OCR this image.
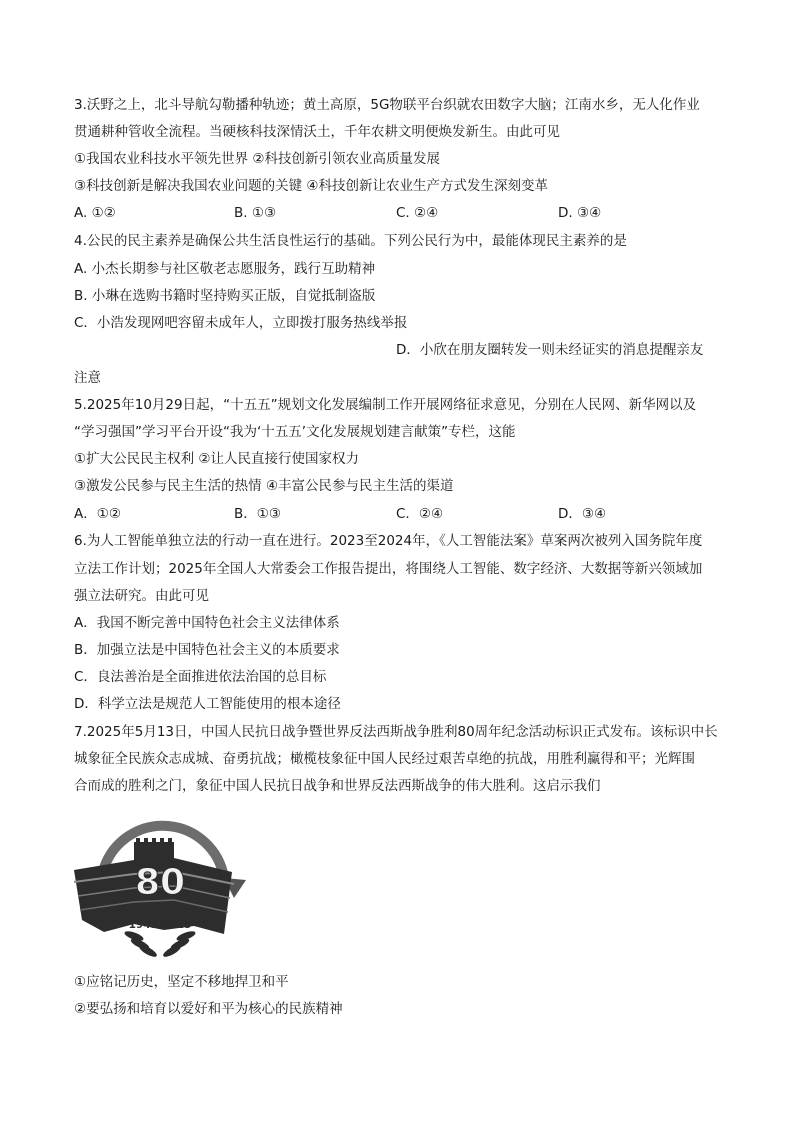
3.沃野之上，北斗导航勾勒播种轨迹；黄土高原，5G物联平台织就农田数字大脑；江南水乡，无人化作业
贯通耕种管收全流程。当硬核科技深情沃土，千年农耕文明便焕发新生。由此可见
①我国农业科技水平领先世界 ②科技创新引领农业高质量发展
③科技创新是解决我国农业问题的关键 ④科技创新让农业生产方式发生深刻变革
A. ①②	B. ①③	C. ②④	D. ③④
4.公民的民主素养是确保公共生活良性运行的基础。下列公民行为中，最能体现民主素养的是
A. 小杰长期参与社区敬老志愿服务，践行互助精神
B. 小琳在选购书籍时坚持购买正版，自觉抵制盗版
C．小浩发现网吧容留未成年人，立即拨打服务热线举报
D．小欣在朋友圈转发一则未经证实的消息提醒亲友
注意
5.2025年10月29日起，“十五五”规划文化发展编制工作开展网络征求意见，分别在人民网、新华网以及
“学习强国”学习平台开设“我为‘十五五’文化发展规划建言献策”专栏，这能
①扩大公民民主权利 ②让人民直接行使国家权力
③激发公民参与民主生活的热情 ④丰富公民参与民主生活的渠道
A．①②	B．①③	C．②④	D．③④
6.为人工智能单独立法的行动一直在进行。2023至2024年，《人工智能法案》草案两次被列入国务院年度
立法工作计划；2025年全国人大常委会工作报告提出，将围绕人工智能、数字经济、大数据等新兴领域加
强立法研究。由此可见
A．我国不断完善中国特色社会主义法律体系
B．加强立法是中国特色社会主义的本质要求
C．良法善治是全面推进依法治国的总目标
D．科学立法是规范人工智能使用的根本途径
7.2025年5月13日，中国人民抗日战争暨世界反法西斯战争胜利80周年纪念活动标识正式发布。该标识中长
城象征全民族众志成城、奋勇抗战；橄榄枝象征中国人民经过艰苦卓绝的抗战，用胜利赢得和平；光辉围
合而成的胜利之门，象征中国人民抗日战争和世界反法西斯战争的伟大胜利。这启示我们
80
1945-2025
①应铭记历史，坚定不移地捍卫和平
②要弘扬和培育以爱好和平为核心的民族精神
